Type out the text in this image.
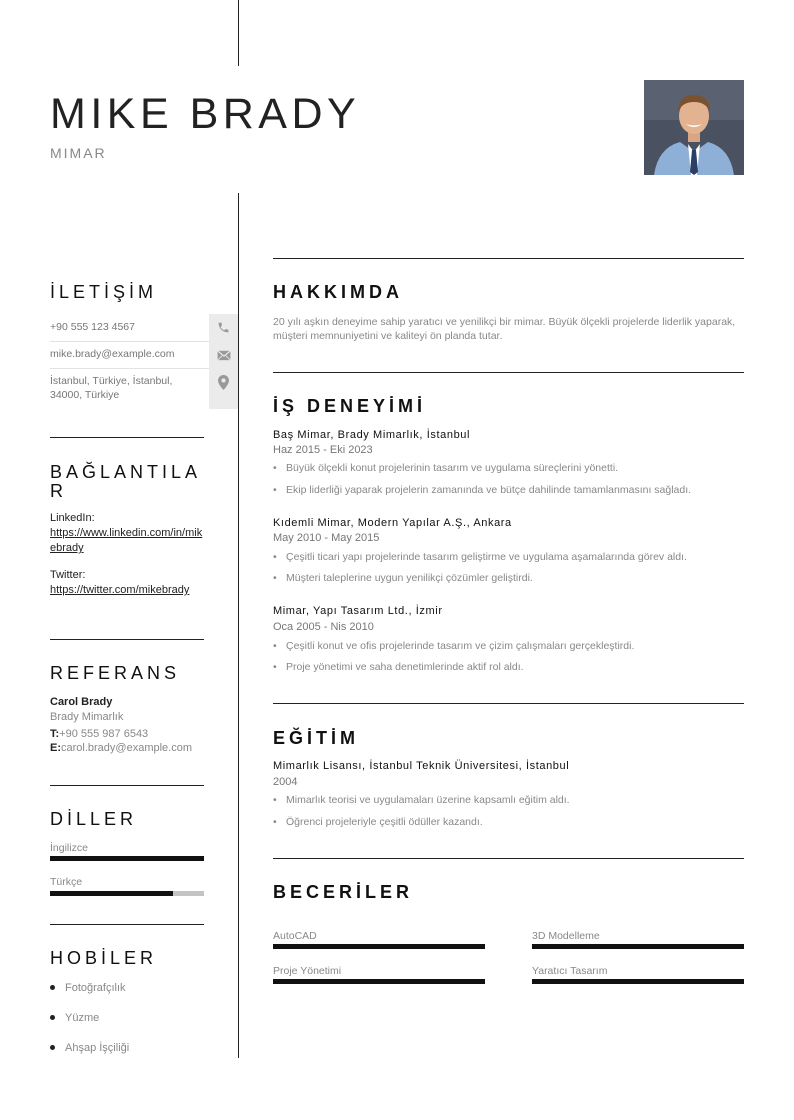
MIKE BRADY
MIMAR
İLETİŞİM
+90 555 123 4567
mike.brady@example.com
İstanbul, Türkiye, İstanbul, 34000, Türkiye
BAĞLANTILA
R
LinkedIn:
https://www.linkedin.com/in/mikebrady
Twitter:
https://twitter.com/mikebrady
REFERANS
Carol Brady
Brady Mimarlık
T:+90 555 987 6543
E:carol.brady@example.com
DİLLER
İngilizce
Türkçe
HOBİLER
Fotoğrafçılık
Yüzme
Ahşap İşçiliği
HAKKIMDA

20 yılı aşkın deneyime sahip yaratıcı ve yenilikçi bir mimar. Büyük ölçekli projelerde liderlik yaparak, müşteri memnuniyetini ve kaliteyi ön planda tutar.

İŞ DENEYİMİ
Baş Mimar, Brady Mimarlık, İstanbul
Haz 2015 - Eki 2023
• Büyük ölçekli konut projelerinin tasarım ve uygulama süreçlerini yönetti.
• Ekip liderliği yaparak projelerin zamanında ve bütçe dahilinde tamamlanmasını sağladı.
Kıdemli Mimar, Modern Yapılar A.Ş., Ankara
May 2010 - May 2015
• Çeşitli ticari yapı projelerinde tasarım geliştirme ve uygulama aşamalarında görev aldı.
• Müşteri taleplerine uygun yenilikçi çözümler geliştirdi.
Mimar, Yapı Tasarım Ltd., İzmir
Oca 2005 - Nis 2010
• Çeşitli konut ve ofis projelerinde tasarım ve çizim çalışmaları gerçekleştirdi.
• Proje yönetimi ve saha denetimlerinde aktif rol aldı.
EĞİTİM
Mimarlık Lisansı, İstanbul Teknik Üniversitesi, İstanbul
2004
• Mimarlık teorisi ve uygulamaları üzerine kapsamlı eğitim aldı.
• Öğrenci projeleriyle çeşitli ödüller kazandı.
BECERİLER
AutoCAD	3D Modelleme
Proje Yönetimi	Yaratıcı Tasarım
